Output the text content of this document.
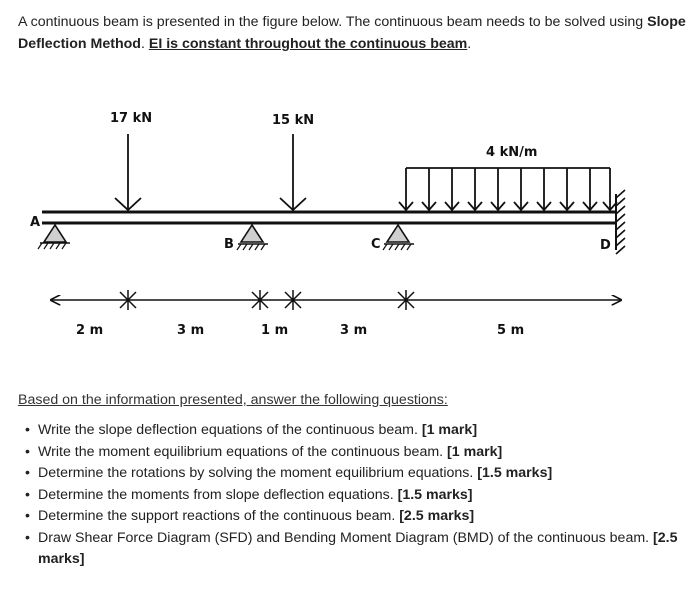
A continuous beam is presented in the figure below. The continuous beam needs to be solved using Slope Deflection Method. EI is constant throughout the continuous beam.
17 kN	15 kN
4 kN/m
A
B	C	D
2 m	3 m	1 m	3 m	5 m
Based on the information presented, answer the following questions:
• Write the slope deflection equations of the continuous beam. [1 mark]
• Write the moment equilibrium equations of the continuous beam. [1 mark]
• Determine the rotations by solving the moment equilibrium equations. [1.5 marks]
• Determine the moments from slope deflection equations. [1.5 marks]
• Determine the support reactions of the continuous beam. [2.5 marks]
• Draw Shear Force Diagram (SFD) and Bending Moment Diagram (BMD) of the continuous beam. [2.5 marks]
